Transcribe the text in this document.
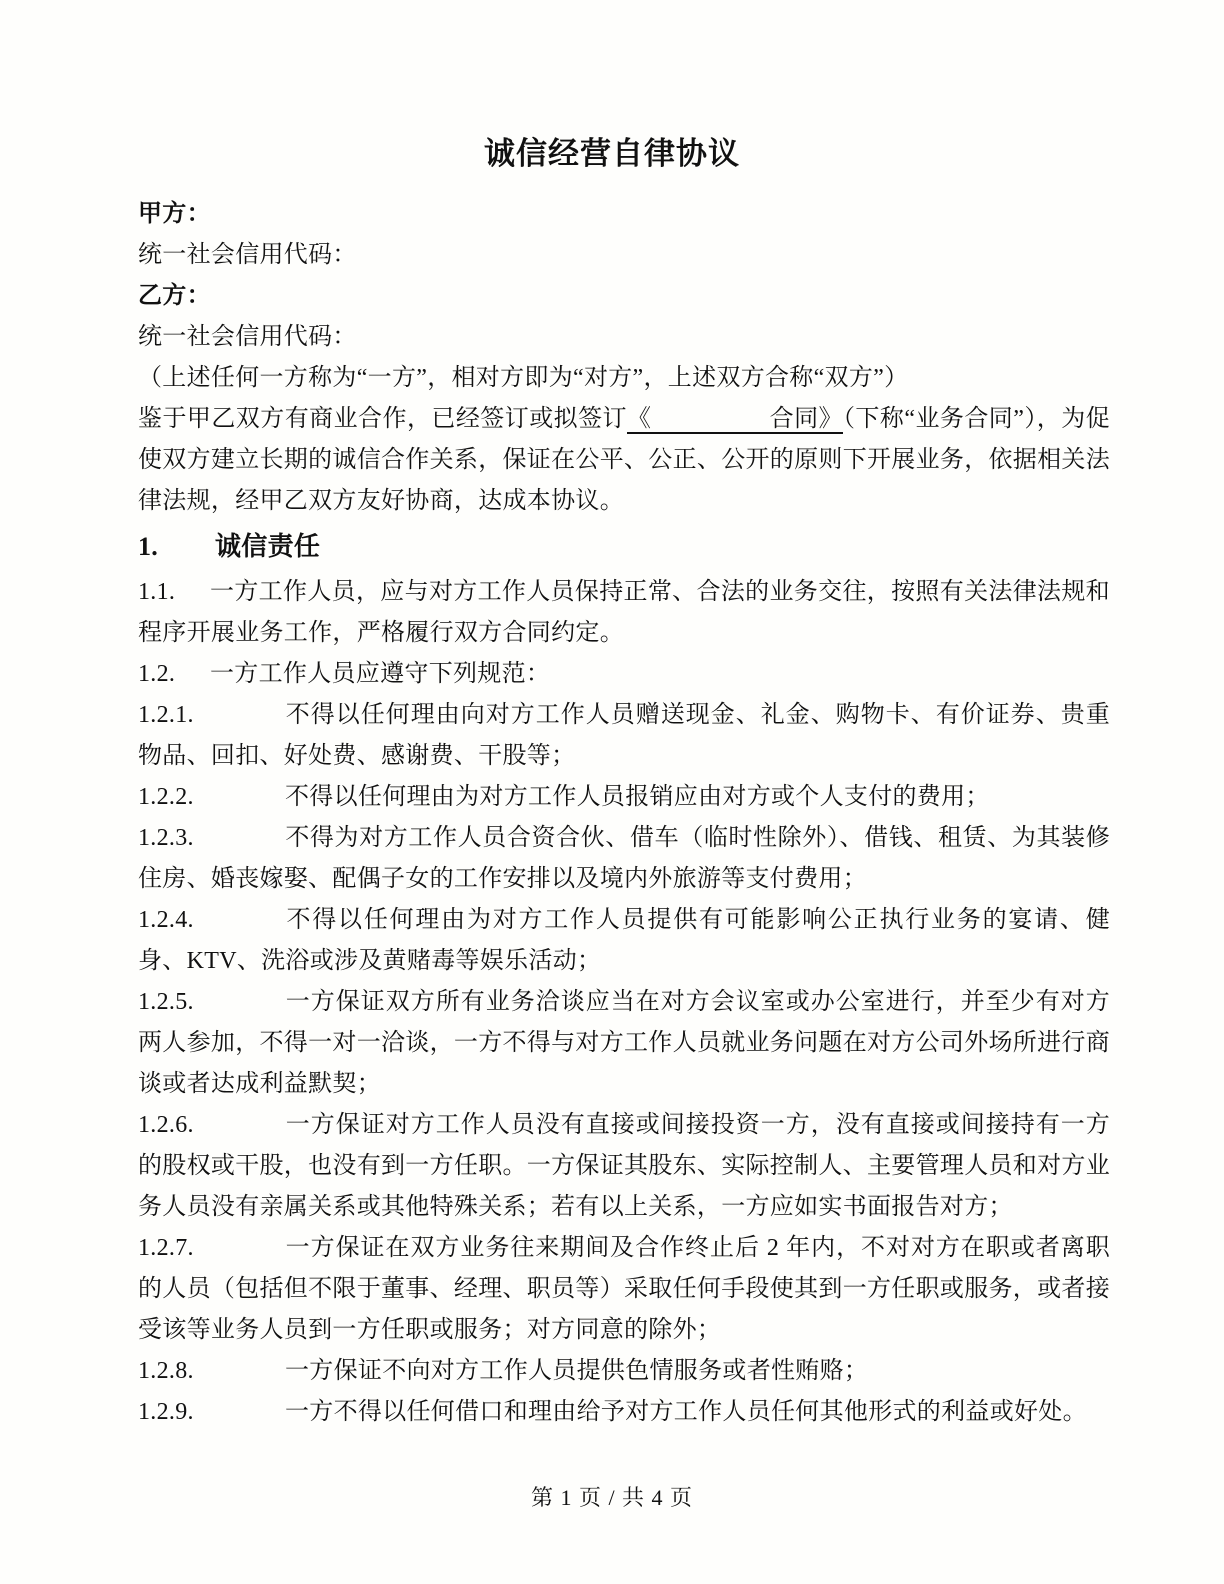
诚信经营自律协议

甲方：

统一社会信用代码：

乙方：

统一社会信用代码：

（上述任何一方称为“一方”，相对方即为“对方”，上述双方合称“双方”）

鉴于甲乙双方有商业合作，已经签订或拟签订《	合同》（下称“业务合同”），为促使双方建立长期的诚信合作关系，保证在公平、公正、公开的原则下开展业务，依据相关法律法规，经甲乙双方友好协商，达成本协议。

1. 诚信责任

1.1. 一方工作人员，应与对方工作人员保持正常、合法的业务交往，按照有关法律法规和程序开展业务工作，严格履行双方合同约定。

1.2. 一方工作人员应遵守下列规范：

1.2.1.	不得以任何理由向对方工作人员赠送现金、礼金、购物卡、有价证券、贵重物品、回扣、好处费、感谢费、干股等；

1.2.2.	不得以任何理由为对方工作人员报销应由对方或个人支付的费用；

1.2.3.	不得为对方工作人员合资合伙、借车（临时性除外）、借钱、租赁、为其装修住房、婚丧嫁娶、配偶子女的工作安排以及境内外旅游等支付费用；

1.2.4.	不得以任何理由为对方工作人员提供有可能影响公正执行业务的宴请、健身、KTV、洗浴或涉及黄赌毒等娱乐活动；

1.2.5.	一方保证双方所有业务洽谈应当在对方会议室或办公室进行，并至少有对方两人参加，不得一对一洽谈，一方不得与对方工作人员就业务问题在对方公司外场所进行商谈或者达成利益默契；

1.2.6.	一方保证对方工作人员没有直接或间接投资一方，没有直接或间接持有一方的股权或干股，也没有到一方任职。一方保证其股东、实际控制人、主要管理人员和对方业务人员没有亲属关系或其他特殊关系；若有以上关系，一方应如实书面报告对方；

1.2.7.	一方保证在双方业务往来期间及合作终止后 2 年内，不对对方在职或者离职的人员（包括但不限于董事、经理、职员等）采取任何手段使其到一方任职或服务，或者接受该等业务人员到一方任职或服务；对方同意的除外；

1.2.8.	一方保证不向对方工作人员提供色情服务或者性贿赂；

1.2.9.	一方不得以任何借口和理由给予对方工作人员任何其他形式的利益或好处。

第 1 页 / 共 4 页
